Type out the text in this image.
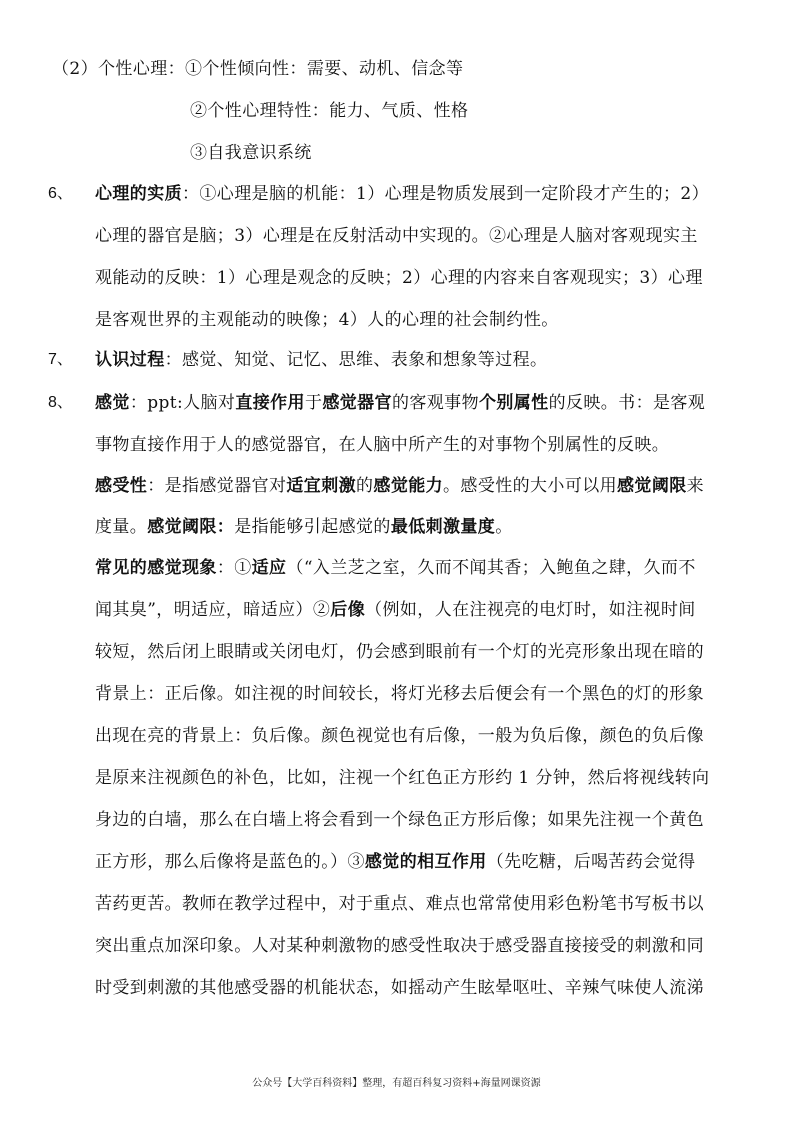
（2）个性心理：①个性倾向性：需要、动机、信念等
②个性心理特性：能力、气质、性格
③自我意识系统
6、 心理的实质：①心理是脑的机能：1）心理是物质发展到一定阶段才产生的；2）
心理的器官是脑；3）心理是在反射活动中实现的。②心理是人脑对客观现实主
观能动的反映：1）心理是观念的反映；2）心理的内容来自客观现实；3）心理
是客观世界的主观能动的映像；4）人的心理的社会制约性。
7、 认识过程：感觉、知觉、记忆、思维、表象和想象等过程。
8、 感觉：ppt:人脑对直接作用于感觉器官的客观事物个别属性的反映。书：是客观
事物直接作用于人的感觉器官，在人脑中所产生的对事物个别属性的反映。
感受性：是指感觉器官对适宜刺激的感觉能力。感受性的大小可以用感觉阈限来
度量。感觉阈限：是指能够引起感觉的最低刺激量度。
常见的感觉现象：①适应（“入兰芝之室，久而不闻其香；入鲍鱼之肆，久而不
闻其臭”，明适应，暗适应）②后像（例如，人在注视亮的电灯时，如注视时间
较短，然后闭上眼睛或关闭电灯，仍会感到眼前有一个灯的光亮形象出现在暗的
背景上：正后像。如注视的时间较长，将灯光移去后便会有一个黑色的灯的形象
出现在亮的背景上：负后像。颜色视觉也有后像，一般为负后像，颜色的负后像
是原来注视颜色的补色，比如，注视一个红色正方形约 1 分钟，然后将视线转向
身边的白墙，那么在白墙上将会看到一个绿色正方形后像；如果先注视一个黄色
正方形，那么后像将是蓝色的。）③感觉的相互作用（先吃糖，后喝苦药会觉得
苦药更苦。教师在教学过程中，对于重点、难点也常常使用彩色粉笔书写板书以
突出重点加深印象。人对某种刺激物的感受性取决于感受器直接接受的刺激和同
时受到刺激的其他感受器的机能状态，如摇动产生眩晕呕吐、辛辣气味使人流涕
公众号【大学百科资料】整理，有超百科复习资料+海量网课资源
